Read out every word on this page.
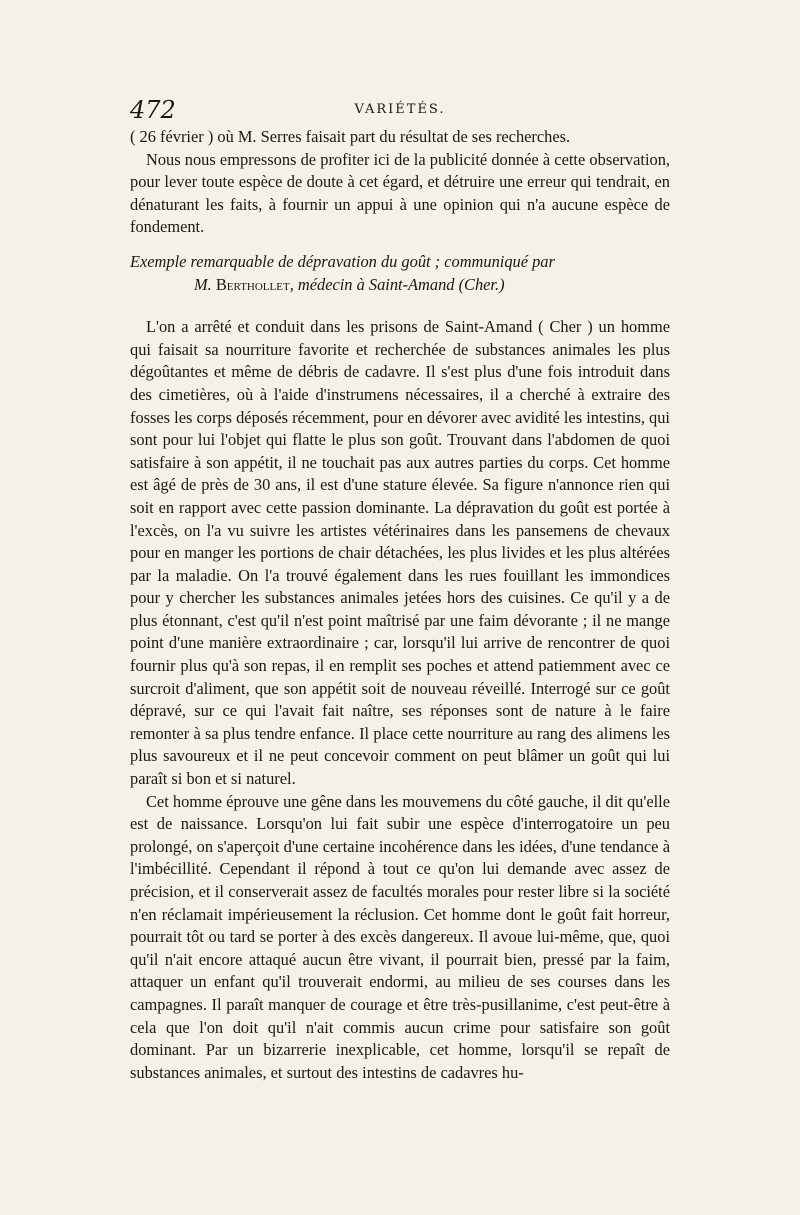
472	VARIÉTÉS.

( 26 février ) où M. Serres faisait part du résultat de ses recherches.

Nous nous empressons de profiter ici de la publicité donnée à cette observation, pour lever toute espèce de doute à cet égard, et détruire une erreur qui tendrait, en dénaturant les faits, à fournir un appui à une opinion qui n'a aucune espèce de fondement.

Exemple remarquable de dépravation du goût ; communiqué par
M. Berthollet, médecin à Saint-Amand (Cher.)

L'on a arrêté et conduit dans les prisons de Saint-Amand ( Cher ) un homme qui faisait sa nourriture favorite et recherchée de substances animales les plus dégoûtantes et même de débris de cadavre. Il s'est plus d'une fois introduit dans des cimetières, où à l'aide d'instrumens nécessaires, il a cherché à extraire des fosses les corps déposés récemment, pour en dévorer avec avidité les intestins, qui sont pour lui l'objet qui flatte le plus son goût. Trouvant dans l'abdomen de quoi satisfaire à son appétit, il ne touchait pas aux autres parties du corps. Cet homme est âgé de près de 30 ans, il est d'une stature élevée. Sa figure n'annonce rien qui soit en rapport avec cette passion dominante. La dépravation du goût est portée à l'excès, on l'a vu suivre les artistes vétérinaires dans les pansemens de chevaux pour en manger les portions de chair détachées, les plus livides et les plus altérées par la maladie. On l'a trouvé également dans les rues fouillant les immondices pour y chercher les substances animales jetées hors des cuisines. Ce qu'il y a de plus étonnant, c'est qu'il n'est point maîtrisé par une faim dévorante ; il ne mange point d'une manière extraordinaire ; car, lorsqu'il lui arrive de rencontrer de quoi fournir plus qu'à son repas, il en remplit ses poches et attend patiemment avec ce surcroit d'aliment, que son appétit soit de nouveau réveillé. Interrogé sur ce goût dépravé, sur ce qui l'avait fait naître, ses réponses sont de nature à le faire remonter à sa plus tendre enfance. Il place cette nourriture au rang des alimens les plus savoureux et il ne peut concevoir comment on peut blâmer un goût qui lui paraît si bon et si naturel.

Cet homme éprouve une gêne dans les mouvemens du côté gauche, il dit qu'elle est de naissance. Lorsqu'on lui fait subir une espèce d'interrogatoire un peu prolongé, on s'aperçoit d'une certaine incohérence dans les idées, d'une tendance à l'imbécillité. Cependant il répond à tout ce qu'on lui demande avec assez de précision, et il conserverait assez de facultés morales pour rester libre si la société n'en réclamait impérieusement la réclusion. Cet homme dont le goût fait horreur, pourrait tôt ou tard se porter à des excès dangereux. Il avoue lui-même, que, quoi qu'il n'ait encore attaqué aucun être vivant, il pourrait bien, pressé par la faim, attaquer un enfant qu'il trouverait endormi, au milieu de ses courses dans les campagnes. Il paraît manquer de courage et être très-pusillanime, c'est peut-être à cela que l'on doit qu'il n'ait commis aucun crime pour satisfaire son goût dominant. Par un bizarrerie inexplicable, cet homme, lorsqu'il se repaît de substances animales, et surtout des intestins de cadavres hu-
